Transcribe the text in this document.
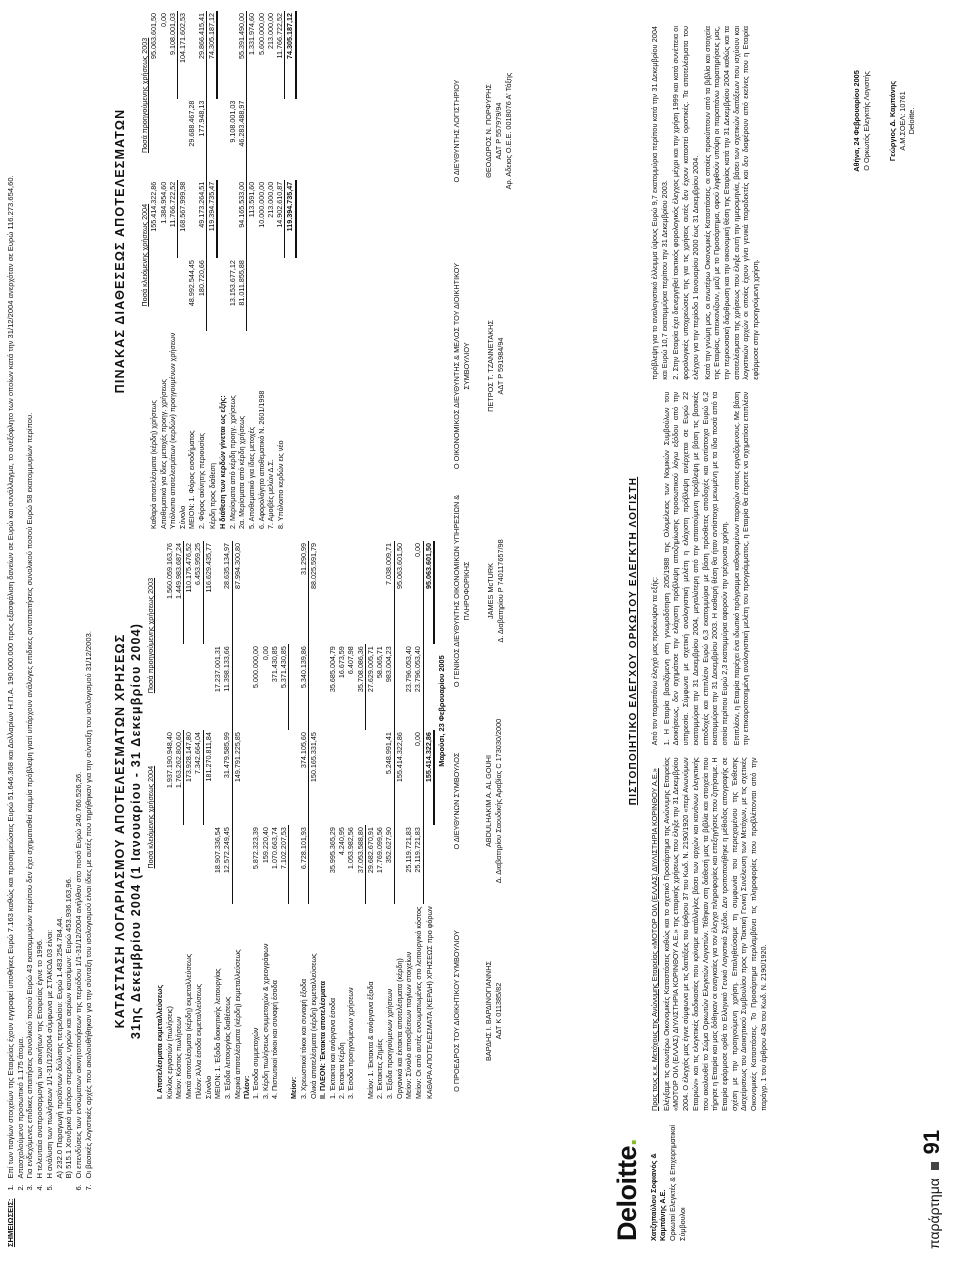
ΣΗΜΕΙΩΣΕΙΣ:
1.Επί των παγίων στοιχείων της Εταιρείας έχουν εγγραφεί υποθήκες Ευρώ 7.163 καθώς και προσημειώσεις Ευρώ 51.646.368 και Δολλαρίων Η.Π.Α. 190.000.000 προς εξασφάλιση δανείων σε Ευρώ και συνάλλαγμα, το ανεξόφλητο των οποίων κατά την 31/12/2004 ανερχόταν σε Ευρώ 116.273.654,60.
2.Απασχολούμενο προσωπικό 1.175 άτομα.
3.Για ενδεχόμενες επιδικες απαιτήσεις συνολικού ποσού Ευρώ 43 εκατομμυρίων περίπου δεν έχει σχηματισθεί καμμία πρόβλεψη γιατί υπάρχουν ανάλογες επιδικες ανταπαιτήσεις συνολικού ποσού Ευρώ 58 εκατομμυρίων περίπου.
4.Η τελευταία αναπροσαρμογή των ακινήτων της Εταιρείας έγινε το 1996.
5.Η ανάλυση των πωλήσεων 1/1-31/12/2004 σύμφωνα με ΣΤΑΚΟΔ 03 είναι: Α) 232.0 Παραγωγή προϊόντων διύλισης πετρελαίου: Ευρώ 1.483.254.784,44. Β) 515.1 Χονδρικό εμπόριο στερεών, υγρών και αερίων καυσίμων: Ευρώ 453.936.163,96.
6.Οι επενδύσεις των ενσώματων ακινητοποιήσεων της περιόδου 1/1-31/12/2004 ανήλθαν στο ποσό Ευρώ 240.760.526,26.
7.Οι βασικές λογιστικές αρχές που ακολουθήθηκαν για την σύνταξη του ισολογισμού είναι ίδιες με αυτές που τηρήθηκαν για την σύνταξη του ισολογισμού 31/12/2003. ΚΑΤΑΣΤΑΣΗ ΛΟΓΑΡΙΑΣΜΟΥ ΑΠΟΤΕΛΕΣΜΑΤΩΝ ΧΡΗΣΕΩΣ 31ης Δεκεμβρίου 2004 (1 Ιανουαρίου - 31 Δεκεμβρίου 2004)
	Ποσά κλειόμενης χρήσεως 2004		Ποσά προηγούμενης χρήσεως 2003	
I. Αποτελέσματα εκμεταλλεύσεως				
Κύκλος εργασιών (πωλήσεις)		1.937.190.948,40		1.560.059.163,76
Μείον: Κόστος πωλήσεων		1.763.262.800,60		1.449.983.687,24
Μικτά αποτελέσματα (κέρδη) εκμεταλλεύσεως		173.928.147,80		110.175.476,52
Πλέον: Άλλα έσοδα εκμεταλλεύσεως		7.342.664,04		6.453.959,25
Σύνολο		181.270.811,84		116.629.435,77
ΜΕΙΟΝ: 1. Έξοδα διοικητικής λειτουργίας	18.907.336,54		17.237.001,31	
3. Έξοδα λειτουργίας διαθέσεως	12.572.249,45	31.479.585,99	11.398.133,66	28.635.134,97
Μερικά αποτελέσματα (κέρδη) εκμεταλλεύσεως		149.791.225,85		87.994.300,80
Πλέον:				
1. Έσοδα συμμετοχών	5.872.323,39		5.000.000,00	
3. Κέρδη πωλήσεως συμμετοχών & χρεογράφων	159.220,40		0,00	
4. Πιστωτικοί τόκοι και συναφή έσοδα	1.070.663,74		371.430,85	
	7.102.207,53		5.371.430,85	
Μείον:				
3. Χρεωστικοί τόκοι και συναφή έξοδα	6.728.101,93	374.105,60	5.340.139,86	31.290,99
Ολικά αποτελέσματα (κέρδη) εκμεταλλεύσεως		150.165.331,45		88.025.591,79
II. ΠΛΕΟΝ: Έκτακτα αποτελέσματα				
1. Έκτακτα και ανόργανα έσοδα	35.995.365,29		35.685.004,79	
2. Έκτακτα Κέρδη	4.240,95		16.673,59	
3. Έσοδα προηγούμενων χρήσεων	1.053.982,56		6.407,98	
	37.053.588,80		35.708.086,36	
Μείον: 1. Έκτακτα & ανόργανα έξοδα	29.682.670,91		27.629.005,71	
2. Έκτακτες Ζημίες	17.769.099,56		58.065,71	
3. Έξοδα προηγούμενων χρήσεων	352.627,90	5.248.991,41	983.004,23	7.038.009,71
Οργανικά και έκτακτα αποτελέσματα (κέρδη)		155.414.322,86		95.063.601,50
Μείον: Σύνολο αποσβέσεων παγίων στοιχείων	25.119.721,83		23.796.053,40	
Μείον: Οι από αυτές ενσωματωμένες στο λειτουργικό κόστος	25.119.721,83	0,00	23.796.053,40	0,00
ΚΑΘΑΡΑ ΑΠΟΤΕΛΕΣΜΑΤΑ (ΚΕΡΔΗ) ΧΡΗΣΕΩΣ προ φόρων		155.414.322,86		95.063.601,50
ΠΙΝΑΚΑΣ ΔΙΑΘΕΣΕΩΣ ΑΠΟΤΕΛΕΣΜΑΤΩΝ
	Ποσά κλειόμενης χρήσεως 2004		Ποσά προηγούμενης χρήσεως 2003	
Καθαρά αποτελέσματα (κέρδη) χρήσεως		155.414.322,86		95.063.601,50
Αποθεματικά για ίδιες μετοχές προηγ. χρήσεως		1.384.954,60		0,00
Υπόλοιπο αποτελεσμάτων (κερδών) προηγουμένων χρήσεων		11.766.722,52		9.108.001,03
Σύνολο		168.567.999,98		104.171.602,53
ΜΕΙΟΝ: 1. Φόρος εισοδήματος	48.992.544,45		29.688.467,28	
2. Φόρος ακίνητης περιουσίας	180.720,66	49.173.264,51	177.948,13	29.866.415,41
Κέρδη προς διάθεση		119.394.735,47		74.305.187,12
Η διάθεση των κερδών γίνεται ως εξής:				
2. Μερίσματα από κέρδη προηγ. χρήσεως	13.153.677,12		9.108.001,03	
2α. Μερίσματα από κέρδη χρήσεως	81.011.855,88	94.165.533,00	46.283.488,97	55.391.490,00
5. Αποθεματικό για ίδιες μετοχές		113.591,60		1.331.974,60
6. Αφορολόγητο αποθεματικό Ν. 2601/1998		10.000.000,00		5.600.000,00
7. Αμοιβές μελών Δ.Σ.		213.000,00		213.000,00
8. Υπόλοιπο κερδών εις νέο		14.902.610,87		11.766.722,52
		119.394.735,47		74.305.187,12
Μαρούσι, 23 Φεβρουαρίου 2005
Ο ΠΡΟΕΔΡΟΣ ΤΟΥ ΔΙΟΙΚΗΤΙΚΟΥ ΣΥΜΒΟΥΛΙΟΥ	ΒΑΡΔΗΣ Ι. ΒΑΡΔΙΝΟΓΙΑΝΝΗΣ ΑΔΤ Κ 011385/82
Ο ΔΙΕΥΘΥΝΩΝ ΣΥΜΒΟΥΛΟΣ	ABDULHAKIM A. AL GOUHI Δ. Διαβατηρίου Σαουδικής Αραβίας C 173030/2000
Ο ΓΕΝΙΚΟΣ ΔΙΕΥΘΥΝΤΗΣ ΟΙΚΟΝΟΜΙΚΩΝ ΥΠΗΡΕΣΙΩΝ & ΠΛΗΡΟΦΟΡΙΚΗΣ JAMES McTURK Δ. Διαβατηρίου P 740117657/98
Ο ΟΙΚΟΝΟΜΙΚΟΣ ΔΙΕΥΘΥΝΤΗΣ & ΜΕΛΟΣ ΤΟΥ ΔΙΟΙΚΗΤΙΚΟΥ ΣΥΜΒΟΥΛΙΟΥ ΠΕΤΡΟΣ Τ. ΤΖΑΝΝΕΤΑΚΗΣ ΑΔΤ Ρ 591984/94
Ο ΔΙΕΥΘΥΝΤΗΣ ΛΟΓΙΣΤΗΡΙΟΥ	ΘΕΟΔΩΡΟΣ Ν. ΠΟΡΦΥΡΗΣ ΑΔΤ Ρ 557979/94 Αρ. Αδειας Ο.Ε.Ε. 0018076 Α' Τάξης
Deloitte.
Χατζηπαύλου Σοφιανός & Καμπάνης Α.Ε. Ορκωτοί Ελεγκτές & Επιχειρηματικοί Σύμβουλοι
ΠΙΣΤΟΠΟΙΗΤΙΚΟ ΕΛΕΓΧΟΥ ΟΡΚΩΤΟΥ ΕΛΕΓΚΤΗ ΛΟΓΙΣΤΗ

Προς τους κ.κ. Μετόχους της Ανώνυμης Εταιρείας «ΜΟΤΟΡ ΟΙΛ (ΕΛΛΑΣ) ΔΙΥΛΙΣΤΗΡΙΑ ΚΟΡΙΝΘΟΥ Α.Ε.» Ελέγξαμε τις ανωτέρω Οικονομικές Καταστάσεις καθώς και το σχετικό Προσάρτημα της Ανώνυμης Εταιρείας «ΜΟΤΟΡ ΟΙΛ (ΕΛΛΑΣ) ΔΙΥΛΙΣΤΗΡΙΑ ΚΟΡΙΝΘΟΥ Α.Ε.» της εταιρικής χρήσεως που έληξε την 31 Δεκεμβρίου 2004. Ο έλεγχός μας έγινε σύμφωνα με τις διατάξεις του άρθρου 37 του Κωδ. Ν. 2190/1920 «περί Ανωνύμων Εταιριών» και τις ελεγκτικές διαδικασίες που κρίναμε κατάλληλες βάσει των αρχών και κανόνων ελεγκτικής που ακολουθεί το Σώμα Ορκωτών Ελεγκτών Λογιστών. Τέθηκαν στη διάθεσή μας τα βιβλία και στοιχεία που τήρησε η Εταιρία και μας δόθηκαν οι αναγκαίες για τον έλεγχο πληροφορίες και επεξηγήσεις που ζητήσαμε. Η Εταιρία εφάρμοσε ορθά το Ελληνικό Γενικό Λογιστικό Σχέδιο. Δεν τροποποιήθηκε η μέθοδος απογραφής σε σχέση με την προηγούμενη χρήση. Επαληθεύσαμε τη συμφωνία του περιεχομένου της Έκθεσης Διαχείρισεως του Διοικητικού Συμβουλίου προς την Τακτική Γενική Συνέλευση των Μετόχων, με τις σχετικές Οικονομικές Καταστάσεις. Το Προσάρτημα περιλαμβάνει τις πληροφορίες που προβλέπονται από την παράγρ. 1 του άρθρου 43α του Κωδ. Ν. 2190/1920.

Από τον παραπάνω έλεγχό μας προέκυψαν τα εξής: 1. Η Εταιρία βασιζόμενη στη γνωμοδότηση 205/1988 της Ολομέλειας των Νομικών Συμβούλων του Διοικήσεως, δεν σχημάτισε την ελάχιστη πρόβλεψη αποζημίωσης προσωπικού λόγω εξόδου από την υπηρεσία. Σύμφωνα με σχετική αναλογιστική μελέτη η ελάχιστη πρόβλεψη ανέρχεται σε Ευρώ 22 εκατομμύρια την 31 Δεκεμβρίου 2004, μεγαλύτερη από την απαιτούμενη πρόβλεψη με βάση τις βασικές αποδοχές και επιπλέον Ευρώ 6,3 εκατομμύρια με βάση πρόσθετες αποδοχές και αντίστοιχα Ευρώ 6,2 εκατομμύρια την 31 Δεκεμβρίου 2003. Η καθαρή θέση θα ήταν αντίστοιχα μειωμένη με τα ίδια ποσά από τα οποία περίπου Ευρώ 2,3 εκατομμύρια αφορούν την τρέχουσα χρήση. Επιπλέον, η Εταιρία παρέχει ένα ιδιωτικό πρόγραμμα καθορισμένων παροχών στους εργαζόμενους. Με βάση την επικαιροποιημένη αναλογιστική μελέτη του προγράμματος, η Εταιρία θα έπρεπε να σχηματίσει επιπλέον πρόβλεψη για το αναλογιστικό έλλειμμα ύψους Ευρώ 9,7 εκατομμύρια περίπου κατά την 31 Δεκεμβρίου 2004 και Ευρώ 10,7 εκατομμύρια περίπου την 31 Δεκεμβρίου 2003. 2. Στην Εταιρία έχει διενεργηθεί τακτικός φορολογικός έλεγχος μέχρι και την χρήση 1999 και κατά συνέπεια οι φορολογικές υποχρεώσεις της για τις χρήσεις αυτές δεν έχουν καταστεί οριστικές. Τα αποτελέσματα του ελέγχου για την περίοδο 1 Ιανουαρίου 2000 έως 31 Δεκεμβρίου 2004. Κατά την γνώμη μας, οι ανωτέρω Οικονομικές Καταστάσεις, οι οποίες προκύπτουν από τα βιβλία και στοιχεία της Εταιρίας, απεικονίζουν, μαζί με το Προσάρτημα, αφού ληφθούν υπόψη οι παραπάνω παρατηρήσεις μας, την περιουσιακή διάρθρωση και την οικονομική θέση της Εταιρίας κατά την 31 Δεκεμβρίου 2004 καθώς και τα αποτελέσματα της χρήσεως που έληξε αυτή την ημερομηνία, βάσει των σχετικών διατάξεων που ισχύουν και λογιστικών αρχών οι οποίες έχουν γίνει γενικά παραδεκτές και δεν διαφέρουν από εκείνες που η Εταιρία εφάρμοσε στην προηγούμενη χρήση.

Αθήνα, 24 Φεβρουαρίου 2005 Ο Ορκωτός Ελεγκτής Λογιστής Γεώργιος Δ. Καμπάνης Α.Μ.ΣΟΕΛ: 10761 Deloitte.
παράρτημα  91
